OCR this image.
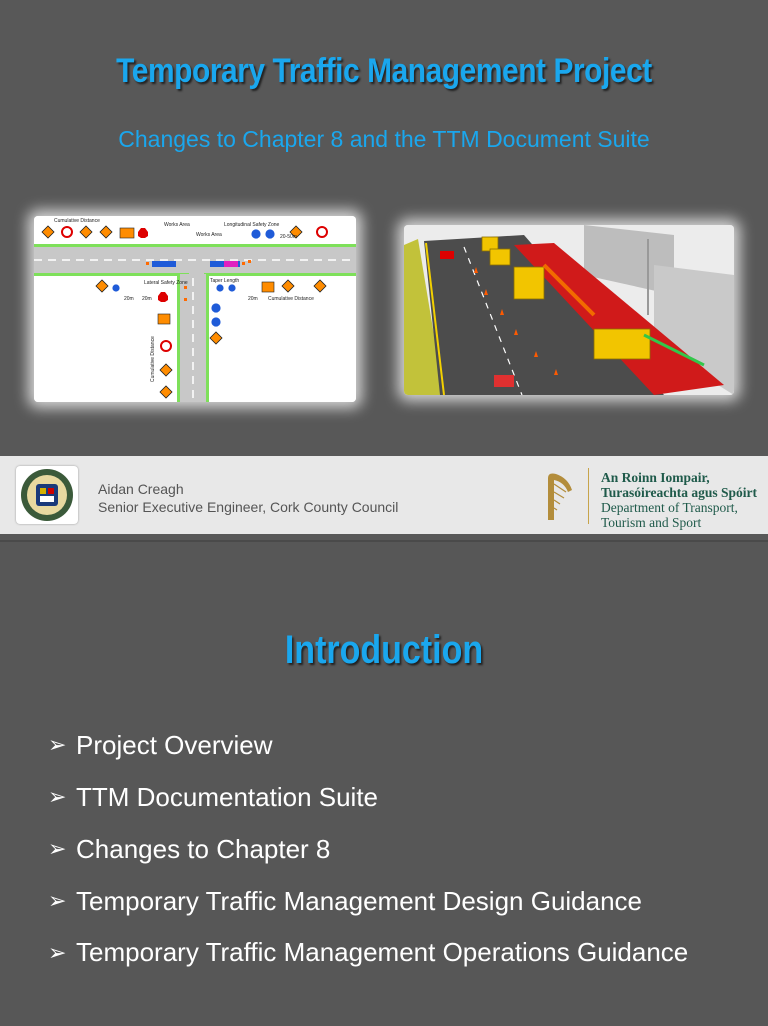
Temporary Traffic Management Project
Changes to Chapter 8 and the TTM Document Suite
Cumulative Distance
Works Area
Works Area
Longitudinal Safety Zone
Lateral Safety Zone	Taper Length
20-50m
20m 20m	20m Cumulative Distance
Cumulative Distance
Aidan Creagh
Senior Executive Engineer, Cork County Council
An Roinn Iompair,
Turasóireachta agus Spóirt
Department of Transport,
Tourism and Sport
Introduction
➢ Project Overview
➢ TTM Documentation Suite
➢ Changes to Chapter 8
➢ Temporary Traffic Management Design Guidance
➢ Temporary Traffic Management Operations Guidance
